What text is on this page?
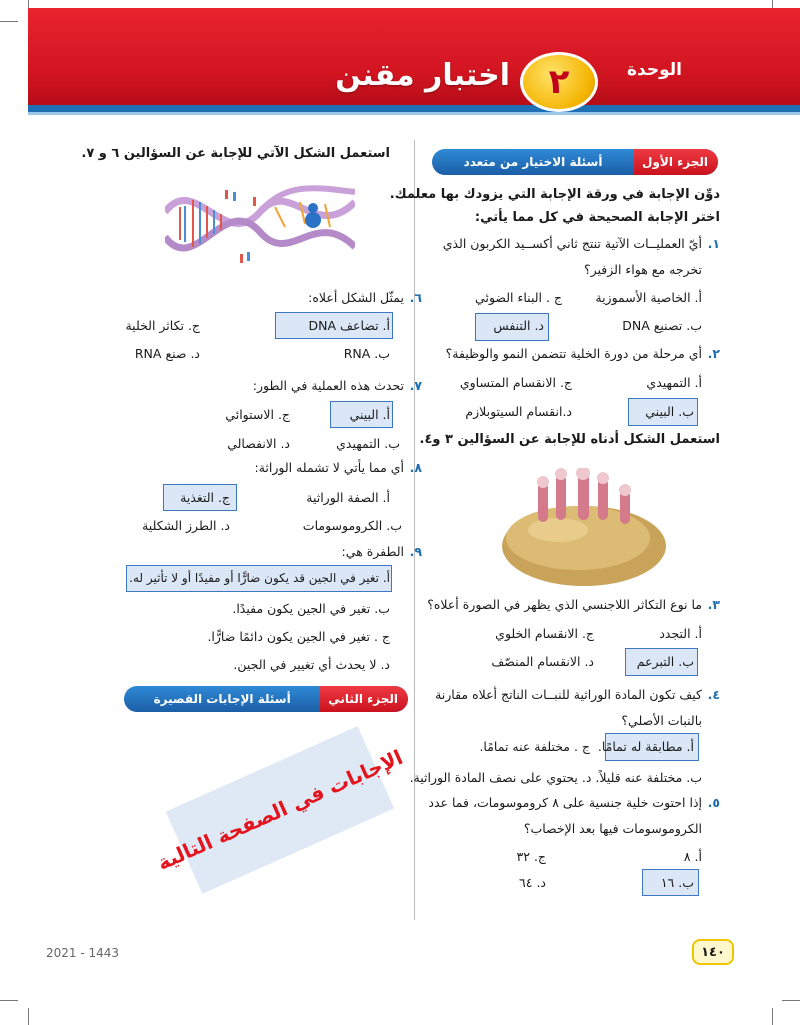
الوحدة
٢
اختبار مقنن
أسئلة الاختيار من متعدد	الجزء الأول
دوِّن الإجابة في ورقة الإجابة التي يزودك بها معلمك.
اختر الإجابة الصحيحة في كل مما يأتي:
١.
أيّ العمليــات الآتية تنتج ثاني أكســيد الكربون الذي
تخرجه مع هواء الزفير؟
أ. الخاصية الأسموزية
ج . البناء الضوئي
ب. تصنيع DNA
د. التنفس
٢.
أي مرحلة من دورة الخلية تتضمن النمو والوظيفة؟
أ. التمهيدي
ج. الانقسام المتساوي
ب. البيني
د.انقسام السيتوبلازم
استعمل الشكل أدناه للإجابة عن السؤالين ٣ و٤.
٣.
ما نوع التكاثر اللاجنسي الذي يظهر في الصورة أعلاه؟
أ. التجدد
ج. الانقسام الخلوي
ب. التبرعم
د. الانقسام المنصّف
٤.
كيف تكون المادة الوراثية للنبــات الناتج أعلاه مقارنة
بالنبات الأصلي؟
أ. مطابقة له تمامًا.
ج . مختلفة عنه تمامًا.
ب. مختلفة عنه قليلاً. د. يحتوي على نصف المادة الوراثية.
٥.
إذا احتوت خلية جنسية على ٨ كروموسومات، فما عدد
الكروموسومات فيها بعد الإخصاب؟
أ. ٨
ج. ٣٢
ب. ١٦
د. ٦٤
استعمل الشكل الآتي للإجابة عن السؤالين ٦ و ٧.
٦.
يمثّل الشكل أعلاه:
أ. تضاعف DNA
ج. تكاثر الخلية
ب. RNA
د. صنع RNA
٧.
تحدث هذه العملية في الطور:
أ. البيني
ج. الاستوائي
ب. التمهيدي
د. الانفصالي
٨.
أي مما يأتي لا تشمله الوراثة:
أ. الصفة الوراثية
ج. التغذية
ب. الكروموسومات
د. الطرز الشكلية
٩.
الطفرة هي:
أ. تغير في الجين قد يكون ضارًّا أو مفيدًا أو لا تأثير له.
ب. تغير في الجين يكون مفيدًا.
ج . تغير في الجين يكون دائمًا ضارًّا.
د. لا يحدث أي تغيير في الجين.
أسئلة الإجابات القصيرة	الجزء الثاني
الإجابات في الصفحة التالية
١٤٠
2021 - 1443
